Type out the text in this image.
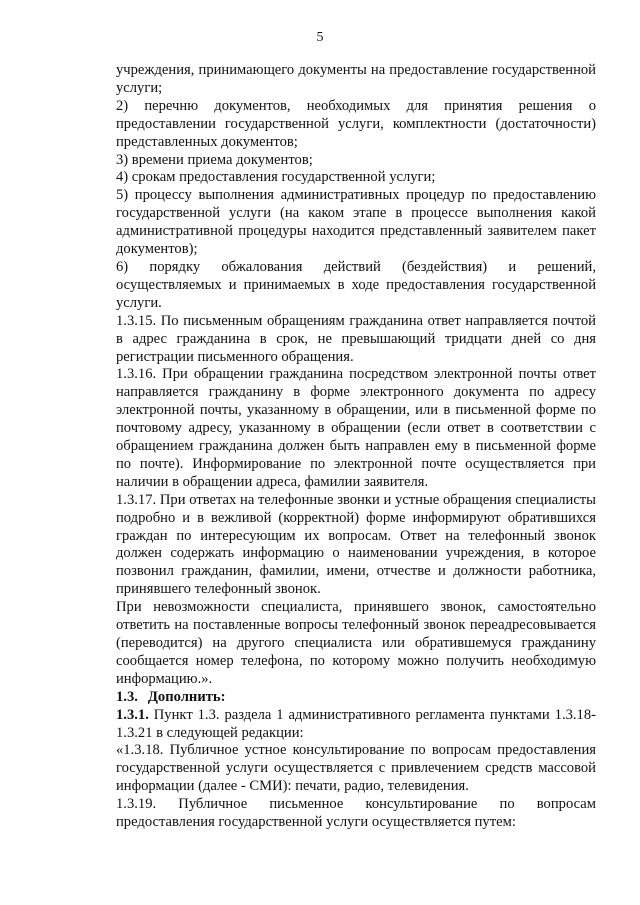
5

учреждения, принимающего документы на предоставление государственной услуги;

2) перечню документов, необходимых для принятия решения о предоставлении государственной услуги, комплектности (достаточности) представленных документов;

3) времени приема документов;

4) срокам предоставления государственной услуги;

5) процессу выполнения административных процедур по предоставлению государственной услуги (на каком этапе в процессе выполнения какой административной процедуры находится представленный заявителем пакет документов);

6) порядку обжалования действий (бездействия) и решений, осуществляемых и принимаемых в ходе предоставления государственной услуги.

1.3.15. По письменным обращениям гражданина ответ направляется почтой в адрес гражданина в срок, не превышающий тридцати дней со дня регистрации письменного обращения.

1.3.16. При обращении гражданина посредством электронной почты ответ направляется гражданину в форме электронного документа по адресу электронной почты, указанному в обращении, или в письменной форме по почтовому адресу, указанному в обращении (если ответ в соответствии с обращением гражданина должен быть направлен ему в письменной форме по почте). Информирование по электронной почте осуществляется при наличии в обращении адреса, фамилии заявителя.

1.3.17. При ответах на телефонные звонки и устные обращения специалисты подробно и в вежливой (корректной) форме информируют обратившихся граждан по интересующим их вопросам. Ответ на телефонный звонок должен содержать информацию о наименовании учреждения, в которое позвонил гражданин, фамилии, имени, отчестве и должности работника, принявшего телефонный звонок.

При невозможности специалиста, принявшего звонок, самостоятельно ответить на поставленные вопросы телефонный звонок переадресовывается (переводится) на другого специалиста или обратившемуся гражданину сообщается номер телефона, по которому можно получить необходимую информацию.».

1.3. Дополнить:

1.3.1. Пункт 1.3. раздела 1 административного регламента пунктами 1.3.18-1.3.21 в следующей редакции:

«1.3.18. Публичное устное консультирование по вопросам предоставления государственной услуги осуществляется с привлечением средств массовой информации (далее - СМИ): печати, радио, телевидения.

1.3.19. Публичное письменное консультирование по вопросам предоставления государственной услуги осуществляется путем:
